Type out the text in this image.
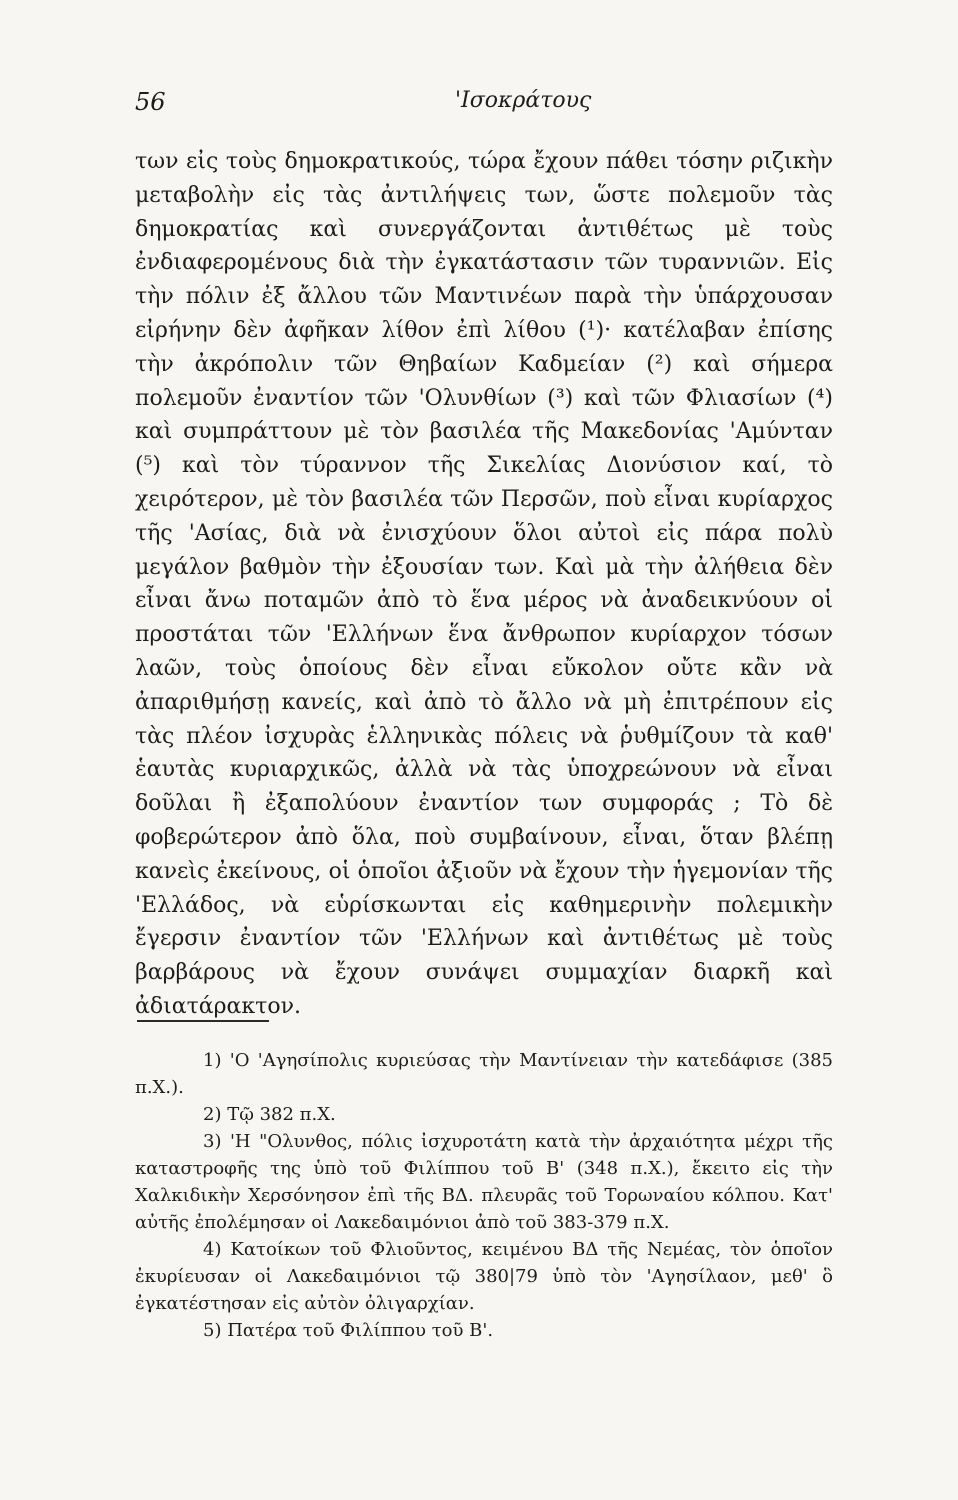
56	'Ισοκράτους

των εἰς τοὺς δημοκρατικούς, τώρα ἔχουν πάθει τόσην ριζικὴν μεταβολὴν εἰς τὰς ἀντιλήψεις των, ὥστε πολεμοῦν τὰς δημοκρατίας καὶ συνεργάζονται ἀντιθέτως μὲ τοὺς ἐνδιαφερομένους διὰ τὴν ἐγκατάστασιν τῶν τυραννιῶν. Εἰς τὴν πόλιν ἐξ ἄλλου τῶν Μαντινέων παρὰ τὴν ὑπάρχουσαν εἰρήνην δὲν ἀφῆκαν λίθον ἐπὶ λίθου (¹)· κατέλαβαν ἐπίσης τὴν ἀκρόπολιν τῶν Θηβαίων Καδμείαν (²) καὶ σήμερα πολεμοῦν ἐναντίον τῶν 'Ολυνθίων (³) καὶ τῶν Φλιασίων (⁴) καὶ συμπράττουν μὲ τὸν βασιλέα τῆς Μακεδονίας 'Αμύνταν (⁵) καὶ τὸν τύραννον τῆς Σικελίας Διονύσιον καί, τὸ χειρότερον, μὲ τὸν βασιλέα τῶν Περσῶν, ποὺ εἶναι κυρίαρχος τῆς 'Ασίας, διὰ νὰ ἐνισχύουν ὅλοι αὐτοὶ εἰς πάρα πολὺ μεγάλον βαθμὸν τὴν ἐξουσίαν των. Καὶ μὰ τὴν ἀλήθεια δὲν εἶναι ἄνω ποταμῶν ἀπὸ τὸ ἕνα μέρος νὰ ἀναδεικνύουν οἱ προστάται τῶν 'Ελλήνων ἕνα ἄνθρωπον κυρίαρχον τόσων λαῶν, τοὺς ὁποίους δὲν εἶναι εὔκολον οὔτε κἂν νὰ ἀπαριθμήσῃ κανείς, καὶ ἀπὸ τὸ ἄλλο νὰ μὴ ἐπιτρέπουν εἰς τὰς πλέον ἰσχυρὰς ἑλληνικὰς πόλεις νὰ ῥυθμίζουν τὰ καθ' ἑαυτὰς κυριαρχικῶς, ἀλλὰ νὰ τὰς ὑποχρεώνουν νὰ εἶναι δοῦλαι ἢ ἐξαπολύουν ἐναντίον των συμφοράς ; Τὸ δὲ φοβερώτερον ἀπὸ ὅλα, ποὺ συμβαίνουν, εἶναι, ὅταν βλέπῃ κανεὶς ἐκείνους, οἱ ὁποῖοι ἀξιοῦν νὰ ἔχουν τὴν ἡγεμονίαν τῆς 'Ελλάδος, νὰ εὑρίσκωνται εἰς καθημερινὴν πολεμικὴν ἔγερσιν ἐναντίον τῶν 'Ελλήνων καὶ ἀντιθέτως μὲ τοὺς βαρβάρους νὰ ἔχουν συνάψει συμμαχίαν διαρκῆ καὶ ἀδιατάρακτον.

1) 'Ο 'Αγησίπολις κυριεύσας τὴν Μαντίνειαν τὴν κατεδάφισε (385 π.Χ.).

2) Τῷ 382 π.Χ.

3) 'Η "Ολυνθος, πόλις ἰσχυροτάτη κατὰ τὴν ἀρχαιότητα μέχρι τῆς καταστροφῆς της ὑπὸ τοῦ Φιλίππου τοῦ Β' (348 π.Χ.), ἔκειτο εἰς τὴν Χαλκιδικὴν Χερσόνησον ἐπὶ τῆς ΒΔ. πλευρᾶς τοῦ Τορωναίου κόλπου. Κατ' αὐτῆς ἐπολέμησαν οἱ Λακεδαιμόνιοι ἀπὸ τοῦ 383-379 π.Χ.

4) Κατοίκων τοῦ Φλιοῦντος, κειμένου ΒΔ τῆς Νεμέας, τὸν ὁποῖον ἐκυρίευσαν οἱ Λακεδαιμόνιοι τῷ 380|79 ὑπὸ τὸν 'Αγησίλαον, μεθ' ὃ ἐγκατέστησαν εἰς αὐτὸν ὀλιγαρχίαν.

5) Πατέρα τοῦ Φιλίππου τοῦ Β'.
